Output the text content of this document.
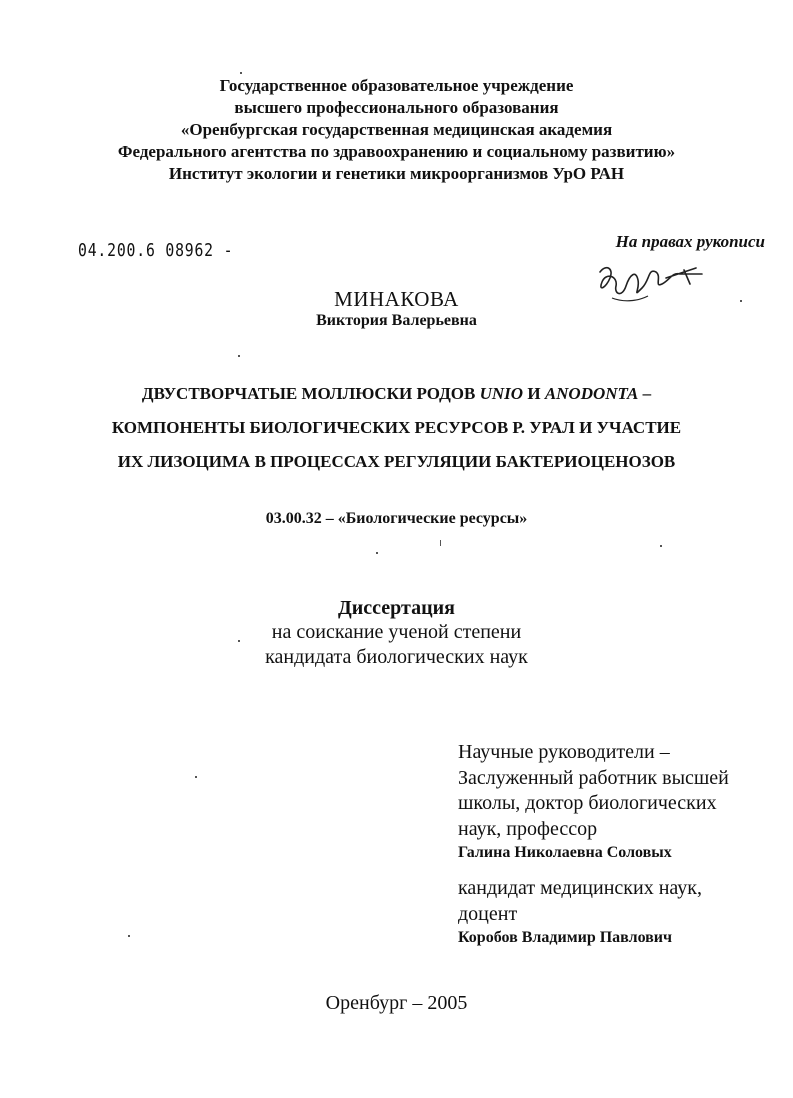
Государственное образовательное учреждение
высшего профессионального образования
«Оренбургская государственная медицинская академия
Федерального агентства по здравоохранению и социальному развитию»
Институт экологии и генетики микроорганизмов УрО РАН
04.200.6 08962 -	На правах рукописи
МИНАКОВА
Виктория Валерьевна
ДВУСТВОРЧАТЫЕ МОЛЛЮСКИ РОДОВ UNIO И ANODONTA –
КОМПОНЕНТЫ БИОЛОГИЧЕСКИХ РЕСУРСОВ Р. УРАЛ И УЧАСТИЕ
ИХ ЛИЗОЦИМА В ПРОЦЕССАХ РЕГУЛЯЦИИ БАКТЕРИОЦЕНОЗОВ
03.00.32 – «Биологические ресурсы»
Диссертация
на соискание ученой степени
кандидата биологических наук
Научные руководители –
Заслуженный работник высшей
школы, доктор биологических
наук, профессор
Галина Николаевна Соловых
кандидат медицинских наук,
доцент
Коробов Владимир Павлович
Оренбург – 2005
